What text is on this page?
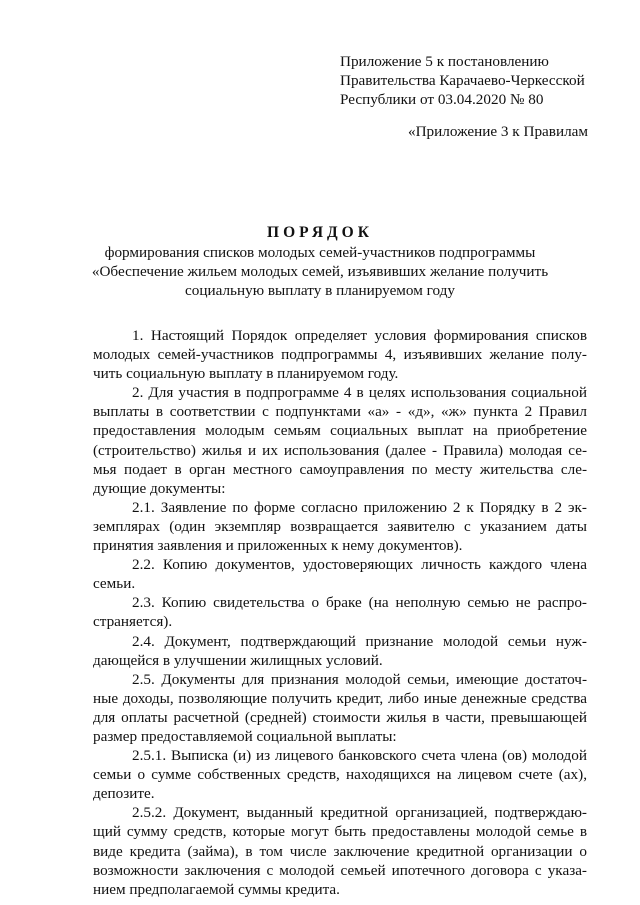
Приложение 5 к постановлению
Правительства Карачаево-Черкесской
Республики от 03.04.2020 № 80
«Приложение 3 к Правилам
ПОРЯДОК
формирования списков молодых семей-участников подпрограммы
«Обеспечение жильем молодых семей, изъявивших желание получить
социальную выплату в планируемом году
1. Настоящий Порядок определяет условия формирования списков
молодых семей-участников подпрограммы 4, изъявивших желание полу-
чить социальную выплату в планируемом году.
2. Для участия в подпрограмме 4 в целях использования социальной
выплаты в соответствии с подпунктами «а» - «д», «ж» пункта 2 Правил
предоставления молодым семьям социальных выплат на приобретение
(строительство) жилья и их использования (далее - Правила) молодая се-
мья подает в орган местного самоуправления по месту жительства сле-
дующие документы:
2.1. Заявление по форме согласно приложению 2 к Порядку в 2 эк-
земплярах (один экземпляр возвращается заявителю с указанием даты
принятия заявления и приложенных к нему документов).
2.2. Копию документов, удостоверяющих личность каждого члена
семьи.
2.3. Копию свидетельства о браке (на неполную семью не распро-
страняется).
2.4. Документ, подтверждающий признание молодой семьи нуж-
дающейся в улучшении жилищных условий.
2.5. Документы для признания молодой семьи, имеющие достаточ-
ные доходы, позволяющие получить кредит, либо иные денежные средства
для оплаты расчетной (средней) стоимости жилья в части, превышающей
размер предоставляемой социальной выплаты:
2.5.1. Выписка (и) из лицевого банковского счета члена (ов) молодой
семьи о сумме собственных средств, находящихся на лицевом счете (ах),
депозите.
2.5.2. Документ, выданный кредитной организацией, подтверждаю-
щий сумму средств, которые могут быть предоставлены молодой семье в
виде кредита (займа), в том числе заключение кредитной организации о
возможности заключения с молодой семьей ипотечного договора с указа-
нием предполагаемой суммы кредита.
